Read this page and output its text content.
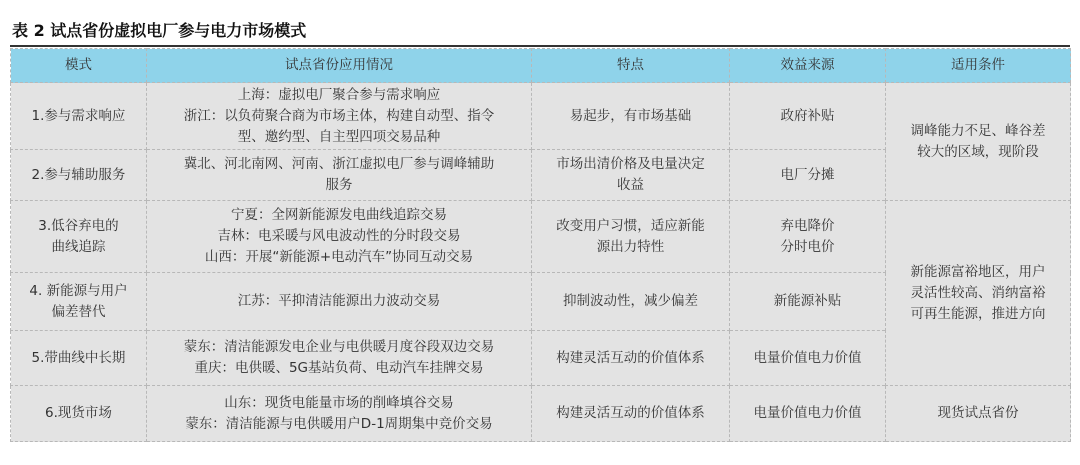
表 2 试点省份虚拟电厂参与电力市场模式
模式	试点省份应用情况	特点	效益来源	适用条件

1.参与需求响应	上海：虚拟电厂聚合参与需求响应
浙江：以负荷聚合商为市场主体，构建自动型、指令
型、邀约型、自主型四项交易品种	易起步，有市场基础	政府补贴	调峰能力不足、峰谷差
较大的区域，现阶段

2.参与辅助服务	冀北、河北南网、河南、浙江虚拟电厂参与调峰辅助
服务	市场出清价格及电量决定
收益	电厂分摊	

3.低谷弃电的
曲线追踪	宁夏：全网新能源发电曲线追踪交易
吉林：电采暖与风电波动性的分时段交易
山西：开展“新能源+电动汽车”协同互动交易	改变用户习惯，适应新能
源出力特性	弃电降价
分时电价	新能源富裕地区，用户
灵活性较高、消纳富裕
可再生能源，推进方向

4. 新能源与用户
偏差替代	江苏：平抑清洁能源出力波动交易	抑制波动性，减少偏差	新能源补贴	

5.带曲线中长期	蒙东：清洁能源发电企业与电供暖月度谷段双边交易
重庆：电供暖、5G基站负荷、电动汽车挂牌交易	构建灵活互动的价值体系	电量价值电力价值	

6.现货市场	山东：现货电能量市场的削峰填谷交易
蒙东：清洁能源与电供暖用户D-1周期集中竞价交易	构建灵活互动的价值体系	电量价值电力价值	现货试点省份
